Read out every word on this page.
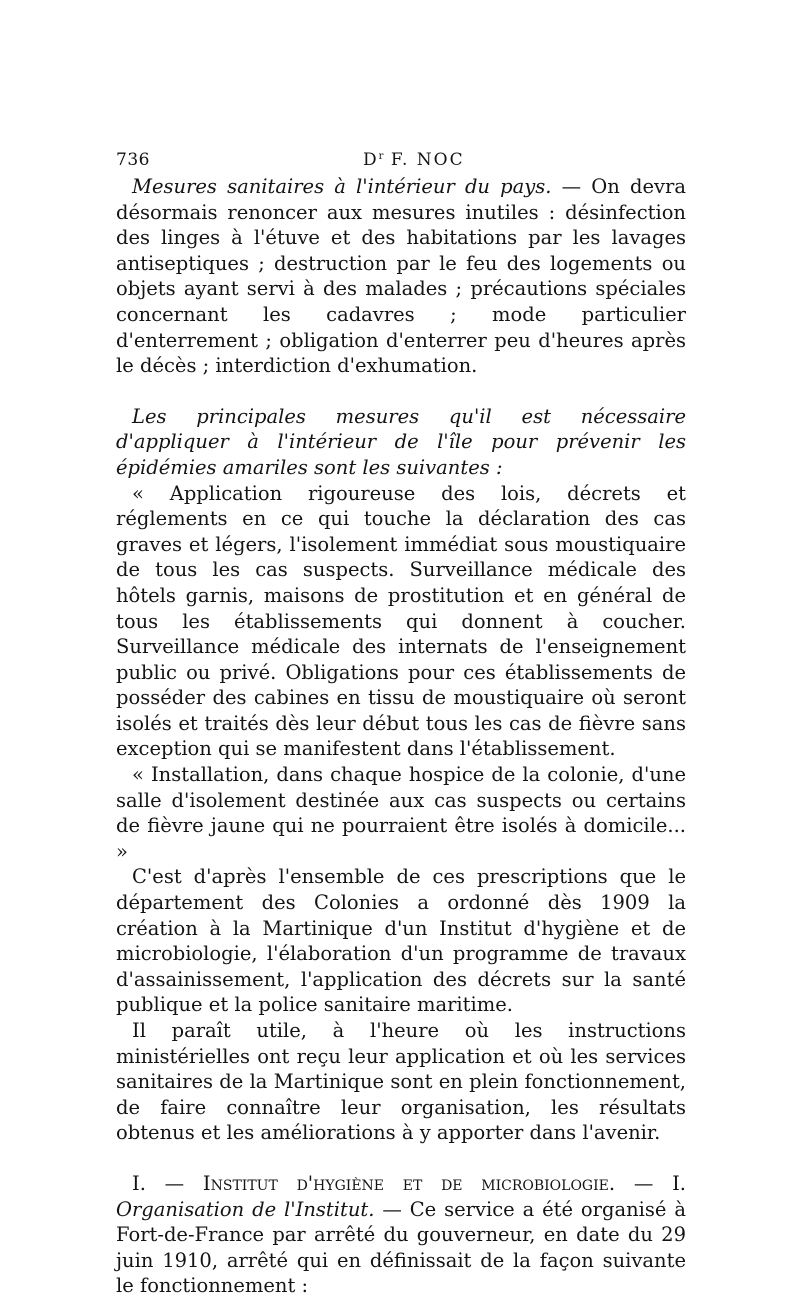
736	$D^r$ F. NOC

Mesures sanitaires à l'intérieur du pays. — On devra désormais renoncer aux mesures inutiles : désinfection des linges à l'étuve et des habitations par les lavages antiseptiques ; destruction par le feu des logements ou objets ayant servi à des malades ; précautions spéciales concernant les cadavres ; mode particulier d'enterrement ; obligation d'enterrer peu d'heures après le décès ; interdiction d'exhumation.

Les principales mesures qu'il est nécessaire d'appliquer à l'intérieur de l'île pour prévenir les épidémies amariles sont les suivantes :

« Application rigoureuse des lois, décrets et réglements en ce qui touche la déclaration des cas graves et légers, l'isolement immédiat sous moustiquaire de tous les cas suspects. Surveillance médicale des hôtels garnis, maisons de prostitution et en général de tous les établissements qui donnent à coucher. Surveillance médicale des internats de l'enseignement public ou privé. Obligations pour ces établissements de posséder des cabines en tissu de moustiquaire où seront isolés et traités dès leur début tous les cas de fièvre sans exception qui se manifestent dans l'établissement.

« Installation, dans chaque hospice de la colonie, d'une salle d'isolement destinée aux cas suspects ou certains de fièvre jaune qui ne pourraient être isolés à domicile... »

C'est d'après l'ensemble de ces prescriptions que le département des Colonies a ordonné dès 1909 la création à la Martinique d'un Institut d'hygiène et de microbiologie, l'élaboration d'un programme de travaux d'assainissement, l'application des décrets sur la santé publique et la police sanitaire maritime.

Il paraît utile, à l'heure où les instructions ministérielles ont reçu leur application et où les services sanitaires de la Martinique sont en plein fonctionnement, de faire connaître leur organisation, les résultats obtenus et les améliorations à y apporter dans l'avenir.

I. — Institut d'hygiène et de microbiologie. — I. Organisation de l'Institut. — Ce service a été organisé à Fort-de-France par arrêté du gouverneur, en date du 29 juin 1910, arrêté qui en définissait de la façon suivante le fonctionnement :
